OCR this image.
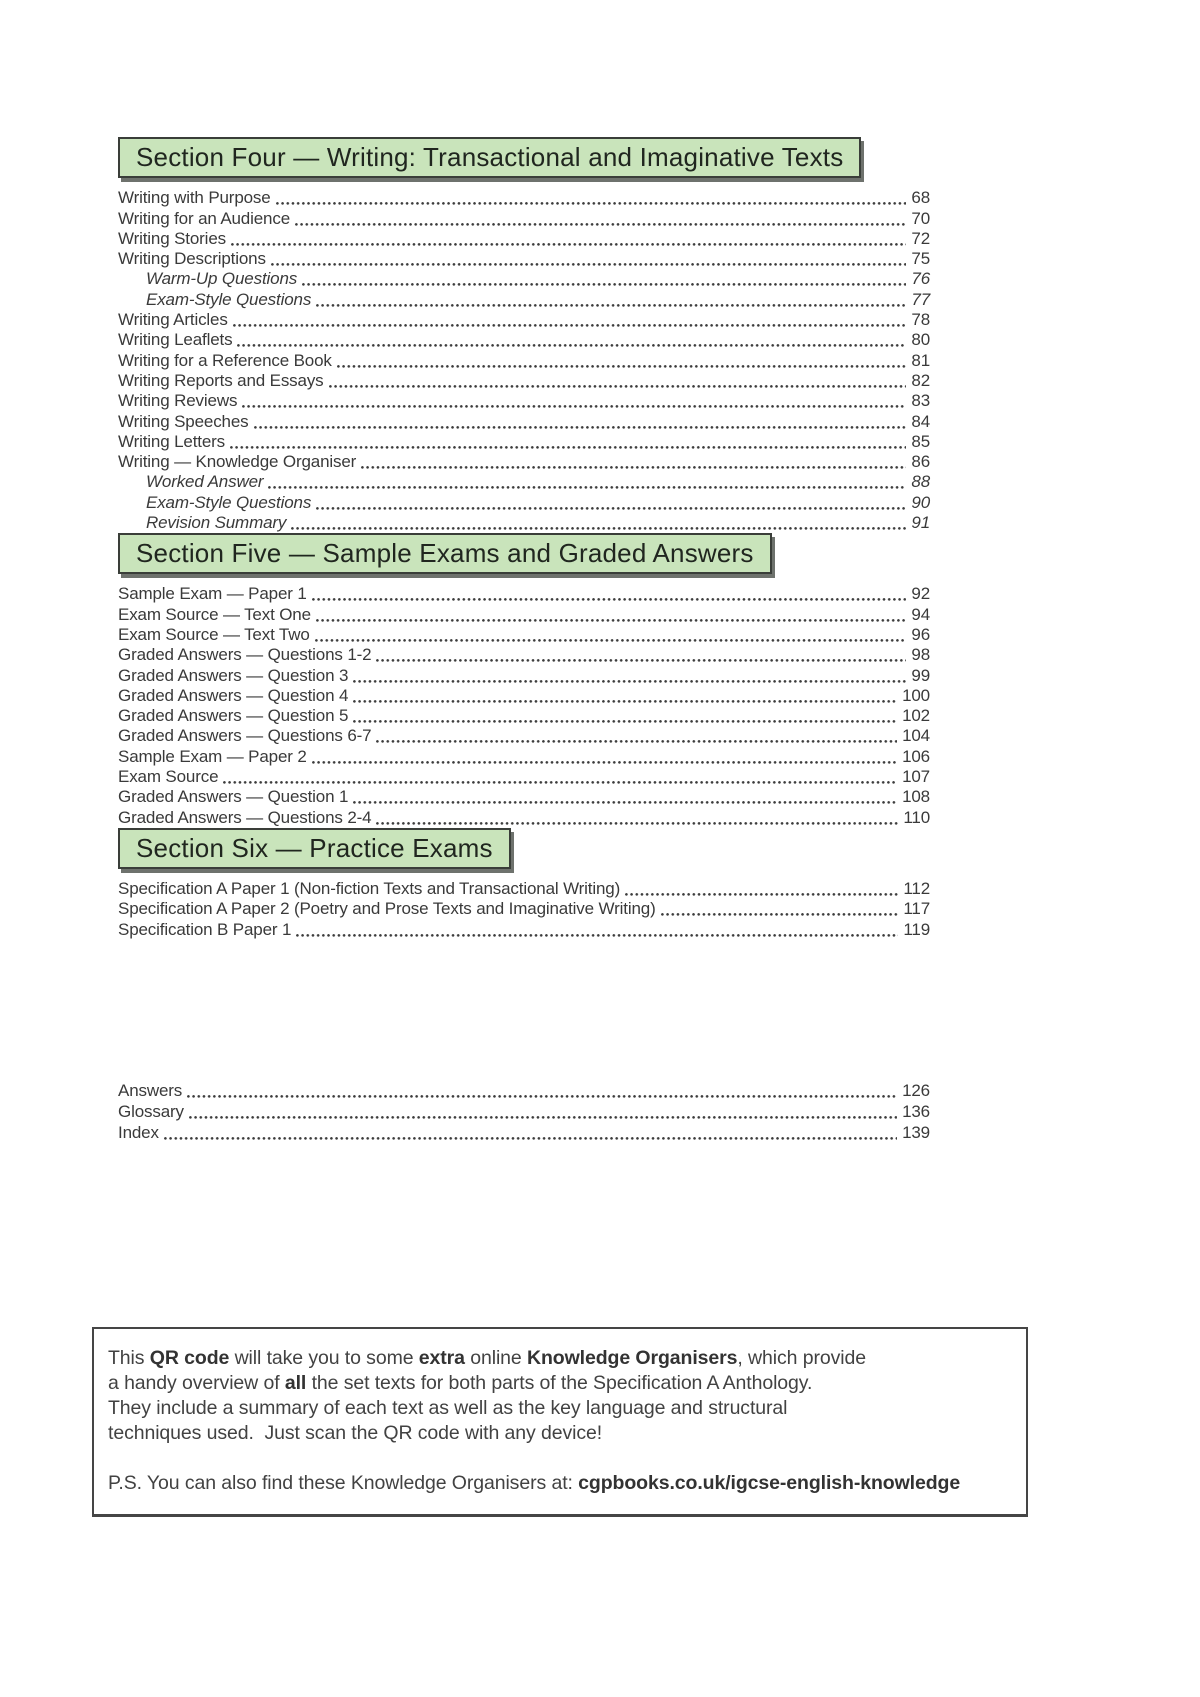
Section Four — Writing: Transactional and Imaginative Texts
Writing with Purpose	68
Writing for an Audience	70
Writing Stories	72
Writing Descriptions	75
Warm-Up Questions	76
Exam-Style Questions	77
Writing Articles	78
Writing Leaflets	80
Writing for a Reference Book	81
Writing Reports and Essays	82
Writing Reviews	83
Writing Speeches	84
Writing Letters	85
Writing — Knowledge Organiser	86
Worked Answer	88
Exam-Style Questions	90
Revision Summary	91
Section Five — Sample Exams and Graded Answers
Sample Exam — Paper 1	92
Exam Source — Text One	94
Exam Source — Text Two	96
Graded Answers — Questions 1-2	98
Graded Answers — Question 3	99
Graded Answers — Question 4	100
Graded Answers — Question 5	102
Graded Answers — Questions 6-7	104
Sample Exam — Paper 2	106
Exam Source	107
Graded Answers — Question 1	108
Graded Answers — Questions 2-4	110
Section Six — Practice Exams
Specification A Paper 1 (Non-fiction Texts and Transactional Writing)	112
Specification A Paper 2 (Poetry and Prose Texts and Imaginative Writing)	117
Specification B Paper 1	119
Answers	126
Glossary	136
Index	139
This QR code will take you to some extra online Knowledge Organisers, which provide
a handy overview of all the set texts for both parts of the Specification A Anthology.
They include a summary of each text as well as the key language and structural
techniques used.  Just scan the QR code with any device!
P.S. You can also find these Knowledge Organisers at: cgpbooks.co.uk/igcse-english-knowledge
